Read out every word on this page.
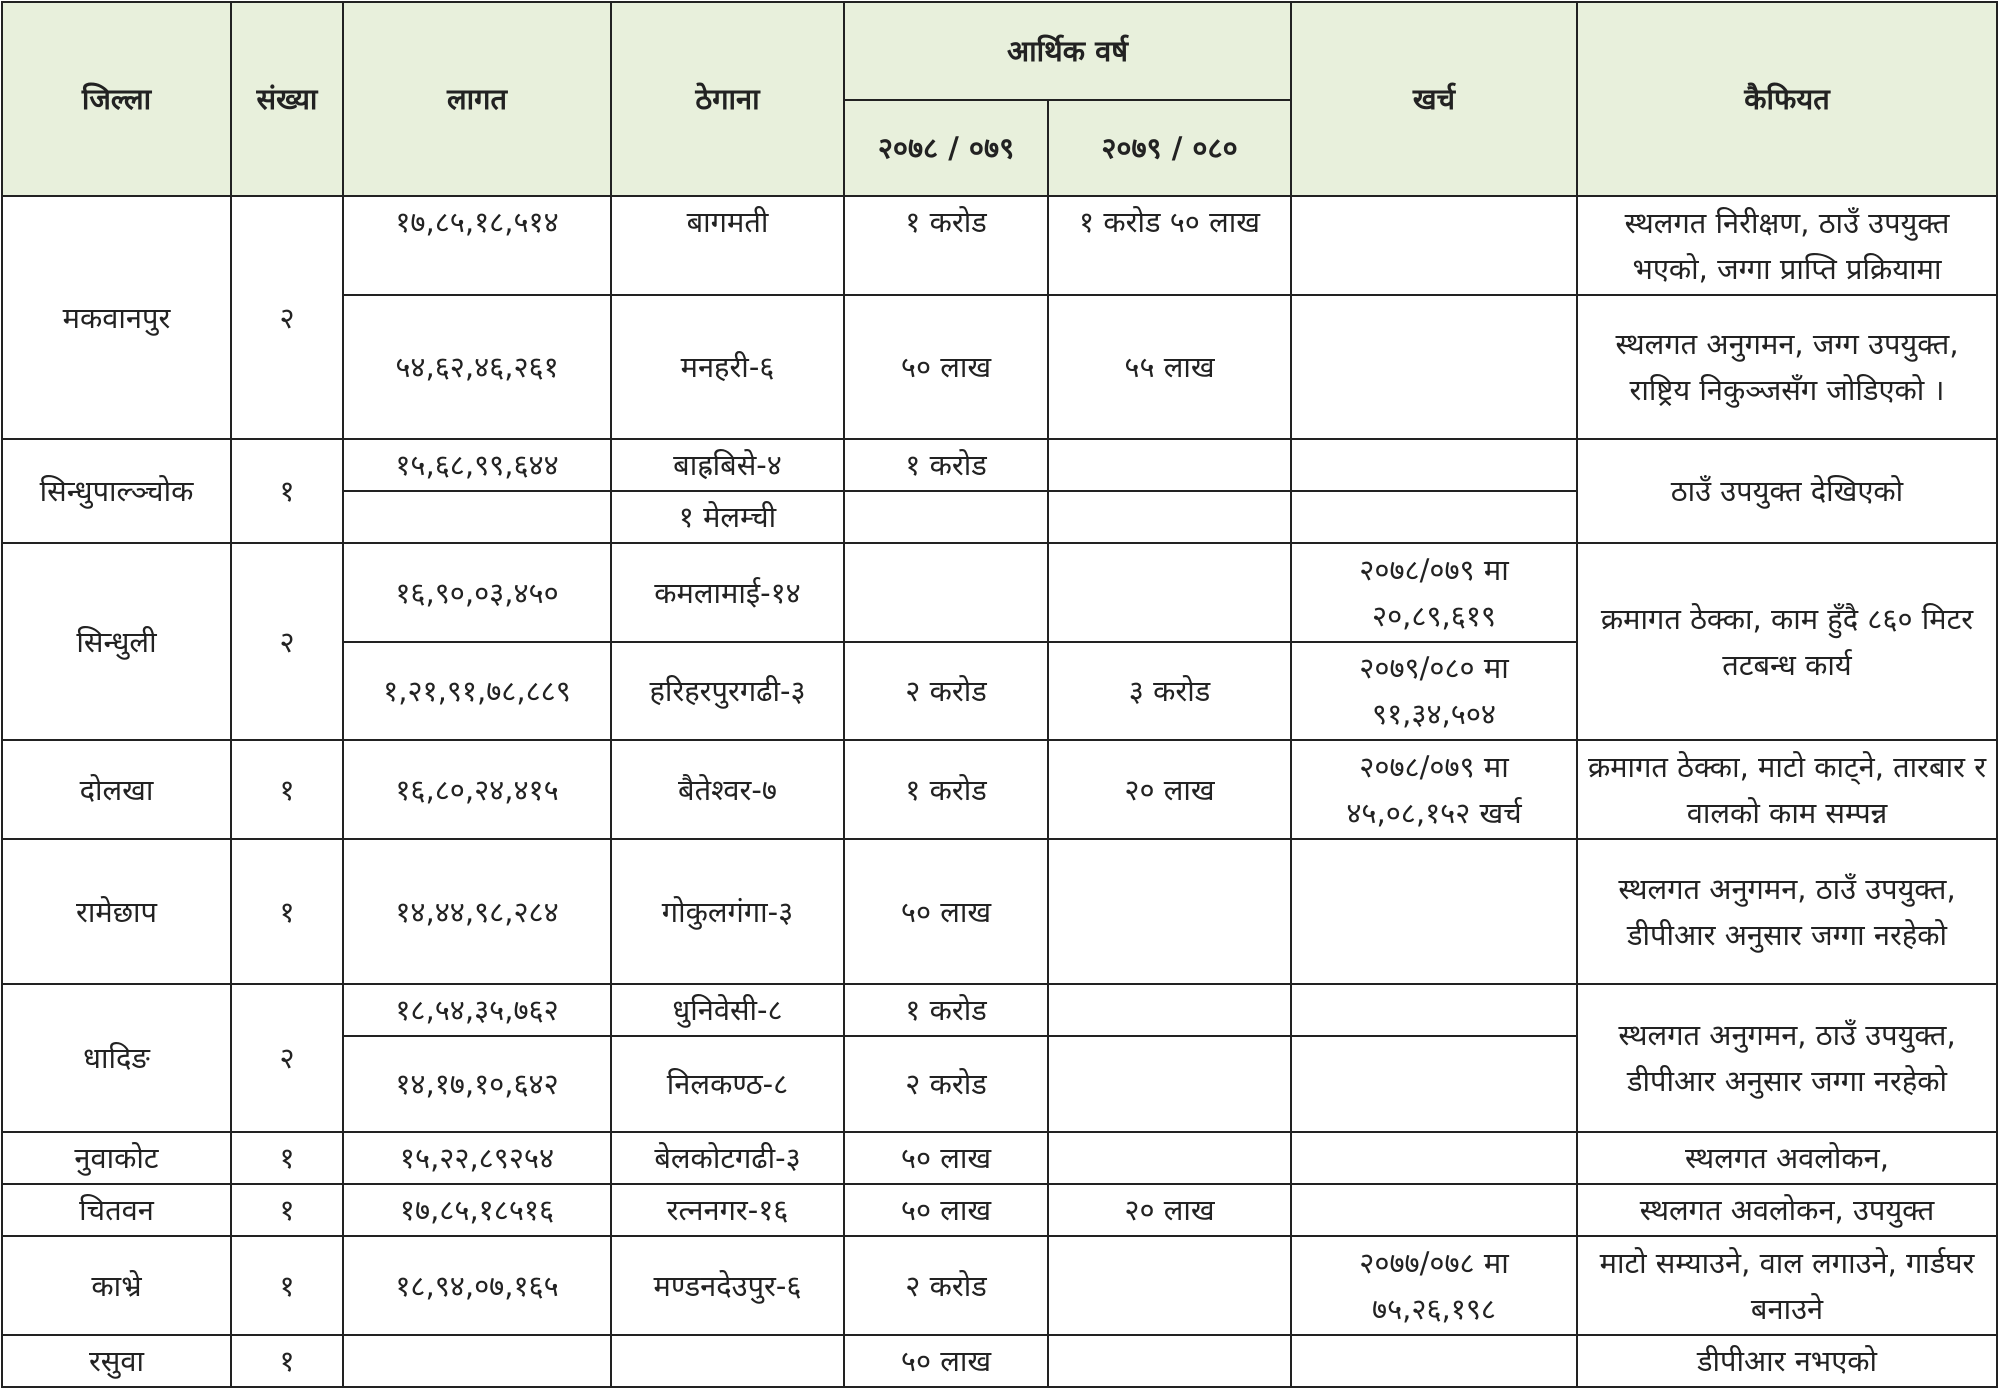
जिल्ला	संख्या	लागत	ठेगाना	आर्थिक वर्ष		खर्च	कैफियत
				२०७८ / ०७९	२०७९ / ०८०		
मकवानपुर	२	१७,८५,१८,५१४	बागमती	१ करोड	१ करोड ५० लाख		स्थलगत निरीक्षण, ठाउँ उपयुक्त भएको, जग्गा प्राप्ति प्रक्रियामा
		५४,६२,४६,२६१	मनहरी-६	५० लाख	५५ लाख		स्थलगत अनुगमन, जग्ग उपयुक्त, राष्ट्रिय निकुञ्जसँग जोडिएको ।
सिन्धुपाल्ञ्चोक	१	१५,६८,९९,६४४	बाह्रबिसे-४	१ करोड			ठाउँ उपयुक्त देखिएको
			१ मेलम्ची				
सिन्धुली	२	१६,९०,०३,४५०	कमलामाई-१४			२०७८/०७९ मा २०,८९,६१९	क्रमागत ठेक्का, काम हुँदै ८६० मिटर तटबन्ध कार्य
		१,२१,९१,७८,८८९	हरिहरपुरगढी-३	२ करोड	३ करोड	२०७९/०८० मा ९१,३४,५०४	
दोलखा	१	१६,८०,२४,४१५	बैतेश्वर-७	१ करोड	२० लाख	२०७८/०७९ मा ४५,०८,१५२ खर्च	क्रमागत ठेक्का, माटो काट्ने, तारबार र वालको काम सम्पन्न
रामेछाप	१	१४,४४,९८,२८४	गोकुलगंगा-३	५० लाख			स्थलगत अनुगमन, ठाउँ उपयुक्त, डीपीआर अनुसार जग्गा नरहेको
धादिङ	२	१८,५४,३५,७६२	धुनिवेसी-८	१ करोड			स्थलगत अनुगमन, ठाउँ उपयुक्त, डीपीआर अनुसार जग्गा नरहेको
		१४,१७,१०,६४२	निलकण्ठ-८	२ करोड			
नुवाकोट	१	१५,२२,८९२५४	बेलकोटगढी-३	५० लाख			स्थलगत अवलोकन,
चितवन	१	१७,८५,१८५१६	रत्ननगर-१६	५० लाख	२० लाख		स्थलगत अवलोकन, उपयुक्त
काभ्रे	१	१८,९४,०७,१६५	मण्डनदेउपुर-६	२ करोड		२०७७/०७८ मा ७५,२६,१९८	माटो सम्याउने, वाल लगाउने, गार्डघर बनाउने
रसुवा	१			५० लाख			डीपीआर नभएको
